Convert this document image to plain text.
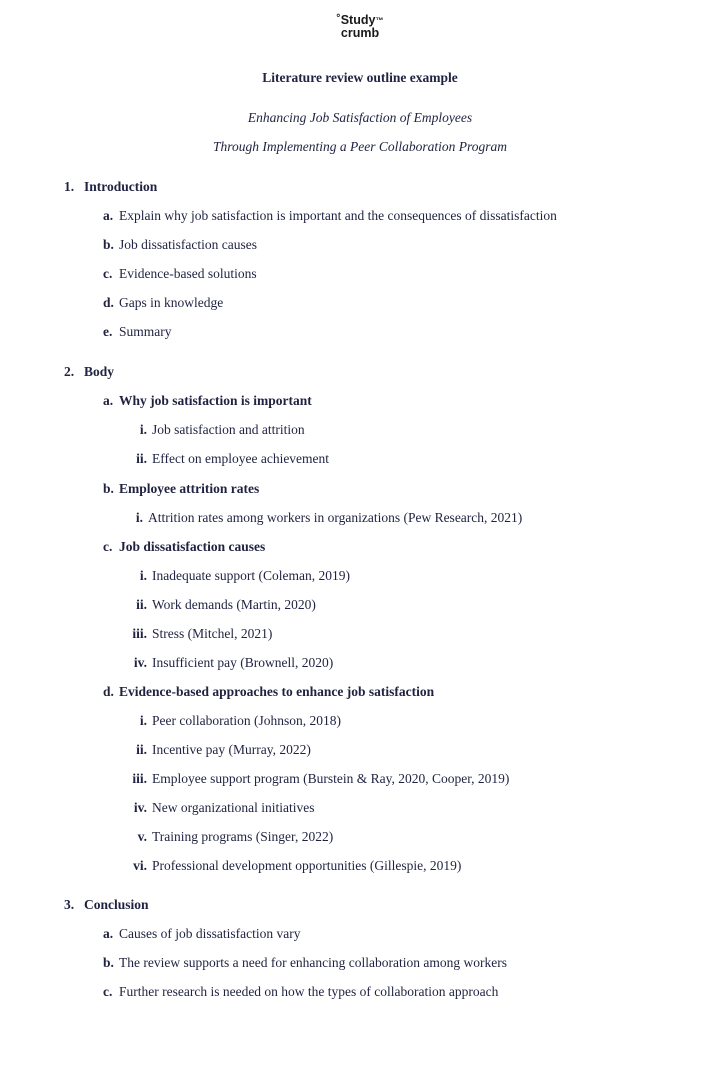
˚Study™
crumb
Literature review outline example
Enhancing Job Satisfaction of Employees
Through Implementing a Peer Collaboration Program
1. Introduction
a. Explain why job satisfaction is important and the consequences of dissatisfaction
b. Job dissatisfaction causes
c. Evidence-based solutions
d. Gaps in knowledge
e. Summary
2. Body
a. Why job satisfaction is important
i. Job satisfaction and attrition
ii. Effect on employee achievement
b. Employee attrition rates
i. Attrition rates among workers in organizations (Pew Research, 2021)
c. Job dissatisfaction causes
i. Inadequate support (Coleman, 2019)
ii. Work demands (Martin, 2020)
iii. Stress (Mitchel, 2021)
iv. Insufficient pay (Brownell, 2020)
d. Evidence-based approaches to enhance job satisfaction
i. Peer collaboration (Johnson, 2018)
ii. Incentive pay (Murray, 2022)
iii. Employee support program (Burstein & Ray, 2020, Cooper, 2019)
iv. New organizational initiatives
v. Training programs (Singer, 2022)
vi. Professional development opportunities (Gillespie, 2019)
3. Conclusion
a. Causes of job dissatisfaction vary
b. The review supports a need for enhancing collaboration among workers
c. Further research is needed on how the types of collaboration approach
